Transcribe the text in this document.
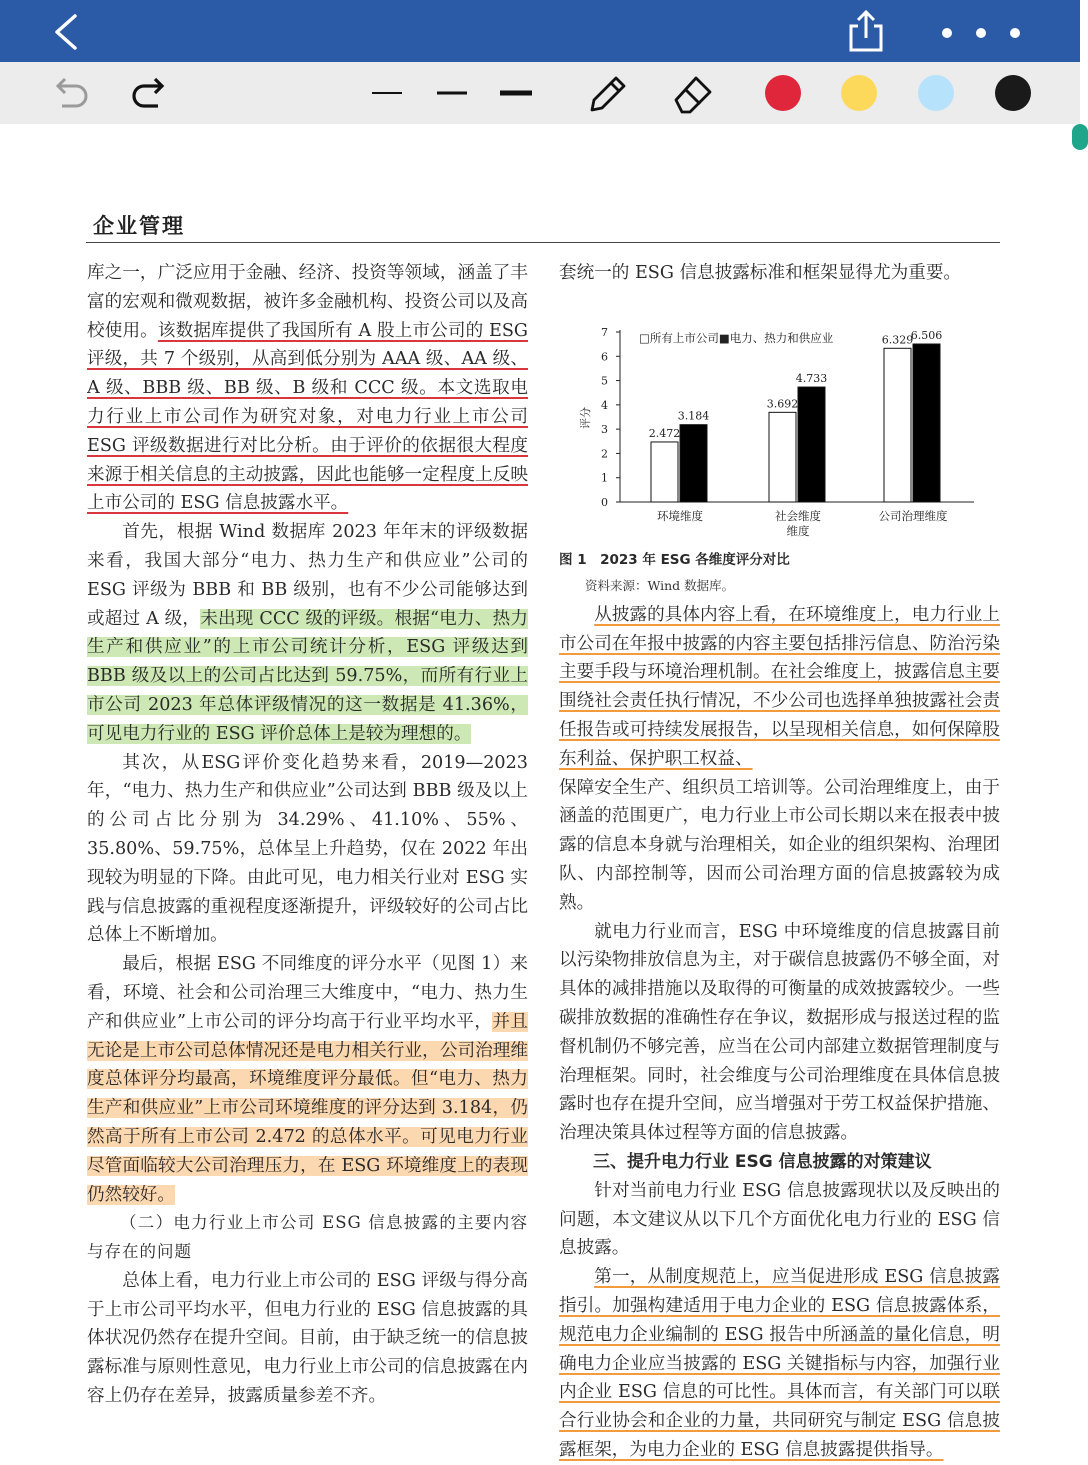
企业管理

库之一，广泛应用于金融、经济、投资等领域，涵盖了丰富的宏观和微观数据，被许多金融机构、投资公司以及高校使用。该数据库提供了我国所有 A 股上市公司的 ESG 评级，共 7 个级别，从高到低分别为 AAA 级、AA 级、A 级、BBB 级、BB 级、B 级和 CCC 级。本文选取电力行业上市公司作为研究对象，对电力行业上市公司 ESG 评级数据进行对比分析。由于评价的依据很大程度来源于相关信息的主动披露，因此也能够一定程度上反映上市公司的 ESG 信息披露水平。

首先，根据 Wind 数据库 2023 年年末的评级数据来看，我国大部分“电力、热力生产和供应业”公司的 ESG 评级为 BBB 和 BB 级别，也有不少公司能够达到或超过 A 级，未出现 CCC 级的评级。根据“电力、热力生产和供应业”的上市公司统计分析，ESG 评级达到 BBB 级及以上的公司占比达到 59.75%，而所有行业上市公司 2023 年总体评级情况的这一数据是 41.36%，可见电力行业的 ESG 评价总体上是较为理想的。

其次，从ESG评价变化趋势来看，2019—2023 年，“电力、热力生产和供应业”公司达到 BBB 级及以上的公司占比分别为 34.29%、41.10%、55%、35.80%、59.75%，总体呈上升趋势，仅在 2022 年出现较为明显的下降。由此可见，电力相关行业对 ESG 实践与信息披露的重视程度逐渐提升，评级较好的公司占比总体上不断增加。

最后，根据 ESG 不同维度的评分水平（见图 1）来看，环境、社会和公司治理三大维度中，“电力、热力生产和供应业”上市公司的评分均高于行业平均水平，并且无论是上市公司总体情况还是电力相关行业，公司治理维度总体评分均最高，环境维度评分最低。但“电力、热力生产和供应业”上市公司环境维度的评分达到 3.184，仍然高于所有上市公司 2.472 的总体水平。可见电力行业尽管面临较大公司治理压力，在 ESG 环境维度上的表现仍然较好。

（二）电力行业上市公司 ESG 信息披露的主要内容与存在的问题

总体上看，电力行业上市公司的 ESG 评级与得分高于上市公司平均水平，但电力行业的 ESG 信息披露的具体状况仍然存在提升空间。目前，由于缺乏统一的信息披露标准与原则性意见，电力行业上市公司的信息披露在内容上仍存在差异，披露质量参差不齐。

套统一的 ESG 信息披露标准和框架显得尤为重要。

0
1
2
3
4
5
6
7
评分
□所有上市公司■电力、热力和供应业
2.472
3.184
环境维度
3.692
4.733
社会维度
维度
6.329
6.506
公司治理维度

图 1　2023 年 ESG 各维度评分对比

资料来源：Wind 数据库。

从披露的具体内容上看，在环境维度上，电力行业上市公司在年报中披露的内容主要包括排污信息、防治污染主要手段与环境治理机制。在社会维度上，披露信息主要围绕社会责任执行情况，不少公司也选择单独披露社会责任报告或可持续发展报告，以呈现相关信息，如何保障股东利益、保护职工权益、

保障安全生产、组织员工培训等。公司治理维度上，由于涵盖的范围更广，电力行业上市公司长期以来在报表中披露的信息本身就与治理相关，如企业的组织架构、治理团队、内部控制等，因而公司治理方面的信息披露较为成熟。

就电力行业而言，ESG 中环境维度的信息披露目前以污染物排放信息为主，对于碳信息披露仍不够全面，对具体的减排措施以及取得的可衡量的成效披露较少。一些碳排放数据的准确性存在争议，数据形成与报送过程的监督机制仍不够完善，应当在公司内部建立数据管理制度与治理框架。同时，社会维度与公司治理维度在具体信息披露时也存在提升空间，应当增强对于劳工权益保护措施、治理决策具体过程等方面的信息披露。

三、提升电力行业 ESG 信息披露的对策建议

针对当前电力行业 ESG 信息披露现状以及反映出的问题，本文建议从以下几个方面优化电力行业的 ESG 信息披露。

第一，从制度规范上，应当促进形成 ESG 信息披露指引。加强构建适用于电力企业的 ESG 信息披露体系，规范电力企业编制的 ESG 报告中所涵盖的量化信息，明确电力企业应当披露的 ESG 关键指标与内容，加强行业内企业 ESG 信息的可比性。具体而言，有关部门可以联合行业协会和企业的力量，共同研究与制定 ESG 信息披露框架，为电力企业的 ESG 信息披露提供指导。
